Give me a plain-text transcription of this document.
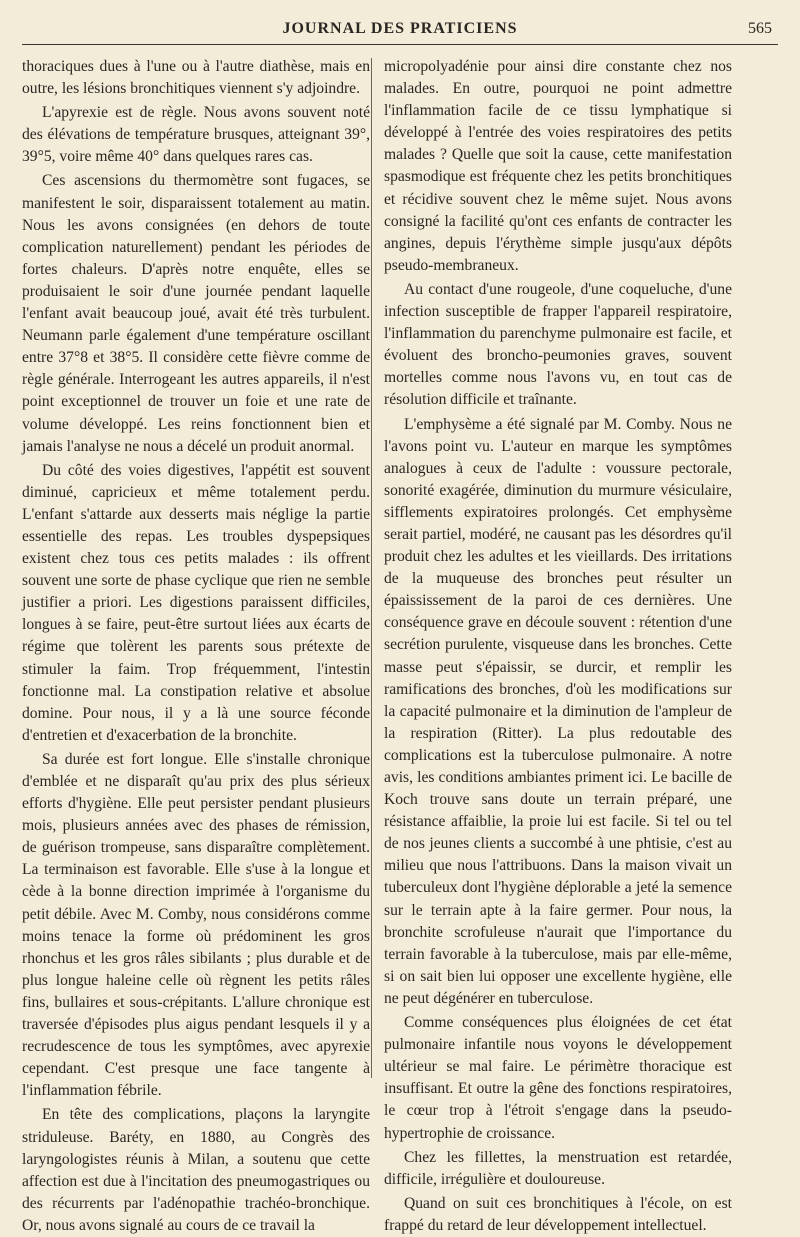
JOURNAL DES PRATICIENS	565

thoraciques dues à l'une ou à l'autre diathèse, mais en outre, les lésions bronchitiques viennent s'y adjoindre.

L'apyrexie est de règle. Nous avons souvent noté des élévations de température brusques, atteignant 39°, 39°5, voire même 40° dans quelques rares cas.

Ces ascensions du thermomètre sont fugaces, se manifestent le soir, disparaissent totalement au matin. Nous les avons consignées (en dehors de toute complication naturellement) pendant les périodes de fortes chaleurs. D'après notre enquête, elles se produisaient le soir d'une journée pendant laquelle l'enfant avait beaucoup joué, avait été très turbulent. Neumann parle également d'une température oscillant entre 37°8 et 38°5. Il considère cette fièvre comme de règle générale. Interrogeant les autres appareils, il n'est point exceptionnel de trouver un foie et une rate de volume développé. Les reins fonctionnent bien et jamais l'analyse ne nous a décelé un produit anormal.

Du côté des voies digestives, l'appétit est souvent diminué, capricieux et même totalement perdu. L'enfant s'attarde aux desserts mais néglige la partie essentielle des repas. Les troubles dyspepsiques existent chez tous ces petits malades : ils offrent souvent une sorte de phase cyclique que rien ne semble justifier a priori. Les digestions paraissent difficiles, longues à se faire, peut-être surtout liées aux écarts de régime que tolèrent les parents sous prétexte de stimuler la faim. Trop fréquemment, l'intestin fonctionne mal. La constipation relative et absolue domine. Pour nous, il y a là une source féconde d'entretien et d'exacerbation de la bronchite.

Sa durée est fort longue. Elle s'installe chronique d'emblée et ne disparaît qu'au prix des plus sérieux efforts d'hygiène. Elle peut persister pendant plusieurs mois, plusieurs années avec des phases de rémission, de guérison trompeuse, sans disparaître complètement. La terminaison est favorable. Elle s'use à la longue et cède à la bonne direction imprimée à l'organisme du petit débile. Avec M. Comby, nous considérons comme moins tenace la forme où prédominent les gros rhonchus et les gros râles sibilants ; plus durable et de plus longue haleine celle où règnent les petits râles fins, bullaires et sous-crépitants. L'allure chronique est traversée d'épisodes plus aigus pendant lesquels il y a recrudescence de tous les symptômes, avec apyrexie cependant. C'est presque une face tangente à l'inflammation fébrile.

En tête des complications, plaçons la laryngite striduleuse. Baréty, en 1880, au Congrès des laryngologistes réunis à Milan, a soutenu que cette affection est due à l'incitation des pneumogastriques ou des récurrents par l'adénopathie trachéo-bronchique. Or, nous avons signalé au cours de ce travail la

micropolyadénie pour ainsi dire constante chez nos malades. En outre, pourquoi ne point admettre l'inflammation facile de ce tissu lymphatique si développé à l'entrée des voies respiratoires des petits malades ? Quelle que soit la cause, cette manifestation spasmodique est fréquente chez les petits bronchitiques et récidive souvent chez le même sujet. Nous avons consigné la facilité qu'ont ces enfants de contracter les angines, depuis l'érythème simple jusqu'aux dépôts pseudo-membraneux.

Au contact d'une rougeole, d'une coqueluche, d'une infection susceptible de frapper l'appareil respiratoire, l'inflammation du parenchyme pulmonaire est facile, et évoluent des broncho-peumonies graves, souvent mortelles comme nous l'avons vu, en tout cas de résolution difficile et traînante.

L'emphysème a été signalé par M. Comby. Nous ne l'avons point vu. L'auteur en marque les symptômes analogues à ceux de l'adulte : voussure pectorale, sonorité exagérée, diminution du murmure vésiculaire, sifflements expiratoires prolongés. Cet emphysème serait partiel, modéré, ne causant pas les désordres qu'il produit chez les adultes et les vieillards. Des irritations de la muqueuse des bronches peut résulter un épaississement de la paroi de ces dernières. Une conséquence grave en découle souvent : rétention d'une secrétion purulente, visqueuse dans les bronches. Cette masse peut s'épaissir, se durcir, et remplir les ramifications des bronches, d'où les modifications sur la capacité pulmonaire et la diminution de l'ampleur de la respiration (Ritter). La plus redoutable des complications est la tuberculose pulmonaire. A notre avis, les conditions ambiantes priment ici. Le bacille de Koch trouve sans doute un terrain préparé, une résistance affaiblie, la proie lui est facile. Si tel ou tel de nos jeunes clients a succombé à une phtisie, c'est au milieu que nous l'attribuons. Dans la maison vivait un tuberculeux dont l'hygiène déplorable a jeté la semence sur le terrain apte à la faire germer. Pour nous, la bronchite scrofuleuse n'aurait que l'importance du terrain favorable à la tuberculose, mais par elle-même, si on sait bien lui opposer une excellente hygiène, elle ne peut dégénérer en tuberculose.

Comme conséquences plus éloignées de cet état pulmonaire infantile nous voyons le développement ultérieur se mal faire. Le périmètre thoracique est insuffisant. Et outre la gêne des fonctions respiratoires, le cœur trop à l'étroit s'engage dans la pseudo-hypertrophie de croissance.

Chez les fillettes, la menstruation est retardée, difficile, irrégulière et douloureuse.

Quand on suit ces bronchitiques à l'école, on est frappé du retard de leur développement intellectuel.
